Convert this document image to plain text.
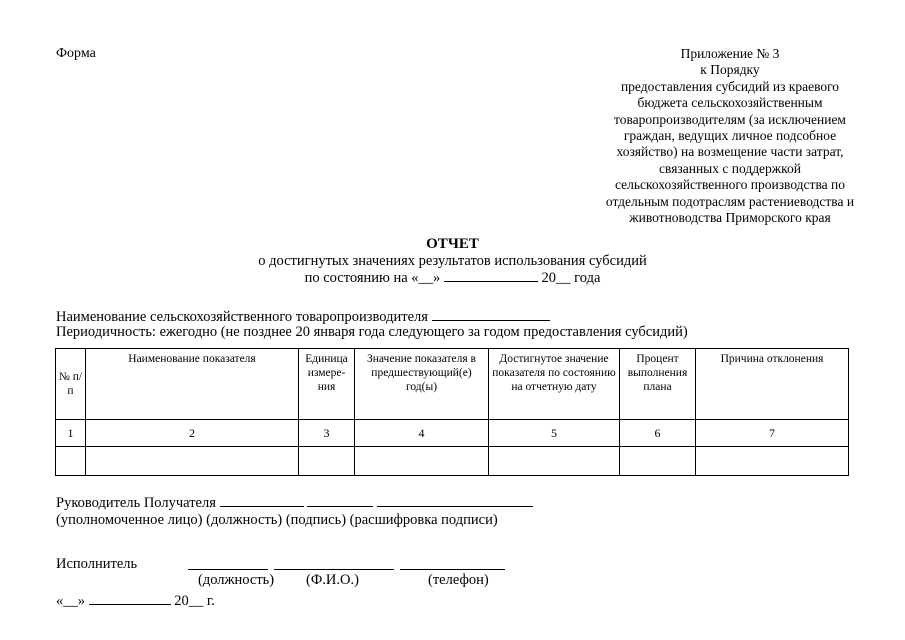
Форма	Приложение № 3
к Порядку
предоставления субсидий из краевого
бюджета сельскохозяйственным
товаропроизводителям (за исключением
граждан, ведущих личное подсобное
хозяйство) на возмещение части затрат,
связанных с поддержкой
сельскохозяйственного производства по
отдельным подотраслям растениеводства и
животноводства Приморского края
ОТЧЕТ
о достигнутых значениях результатов использования субсидий
по состоянию на «__»	20__ года
Наименование сельскохозяйственного товаропроизводителя
Периодичность: ежегодно (не позднее 20 января года следующего за годом предоставления субсидий)
№ п/п	Наименование показателя	Единица измере-ния	Значение показателя в предшествующий(е) год(ы)	Достигнутое значение показателя по состоянию на отчетную дату	Процент выполнения плана	Причина отклонения
1	2	3	4	5	6	7

Руководитель Получателя
(уполномоченное лицо) (должность) (подпись) (расшифровка подписи)
Исполнитель
(должность) (Ф.И.О.)	(телефон)
«__»	20__ г.
